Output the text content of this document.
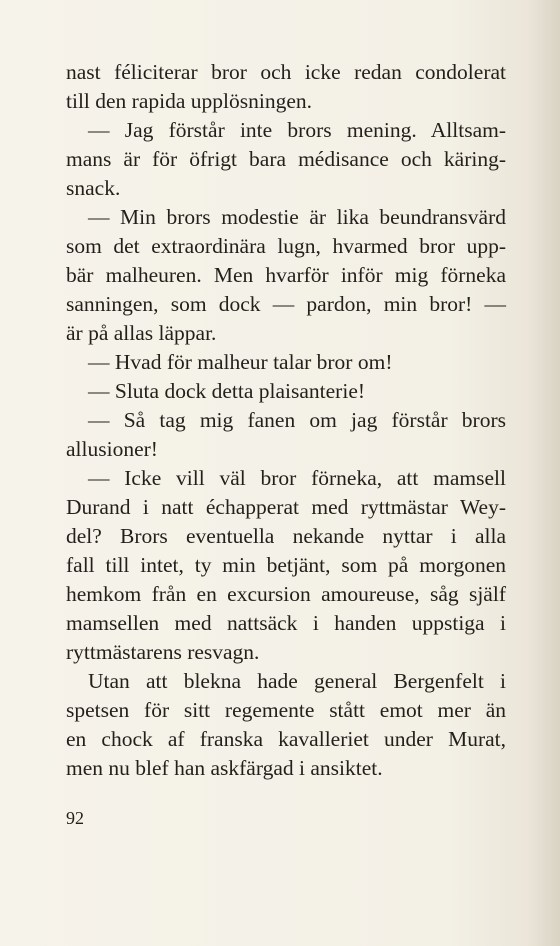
nast féliciterar bror och icke redan condolerat
till den rapida upplösningen.
— Jag förstår inte brors mening. Alltsam-
mans är för öfrigt bara médisance och käring-
snack.
— Min brors modestie är lika beundransvärd
som det extraordinära lugn, hvarmed bror upp-
bär malheuren. Men hvarför inför mig förneka
sanningen, som dock — pardon, min bror! —
är på allas läppar.
— Hvad för malheur talar bror om!
— Sluta dock detta plaisanterie!
— Så tag mig fanen om jag förstår brors
allusioner!
— Icke vill väl bror förneka, att mamsell
Durand i natt échapperat med ryttmästar Wey-
del? Brors eventuella nekande nyttar i alla
fall till intet, ty min betjänt, som på morgonen
hemkom från en excursion amoureuse, såg själf
mamsellen med nattsäck i handen uppstiga i
ryttmästarens resvagn.
Utan att blekna hade general Bergenfelt i
spetsen för sitt regemente stått emot mer än
en chock af franska kavalleriet under Murat,
men nu blef han askfärgad i ansiktet.
92
